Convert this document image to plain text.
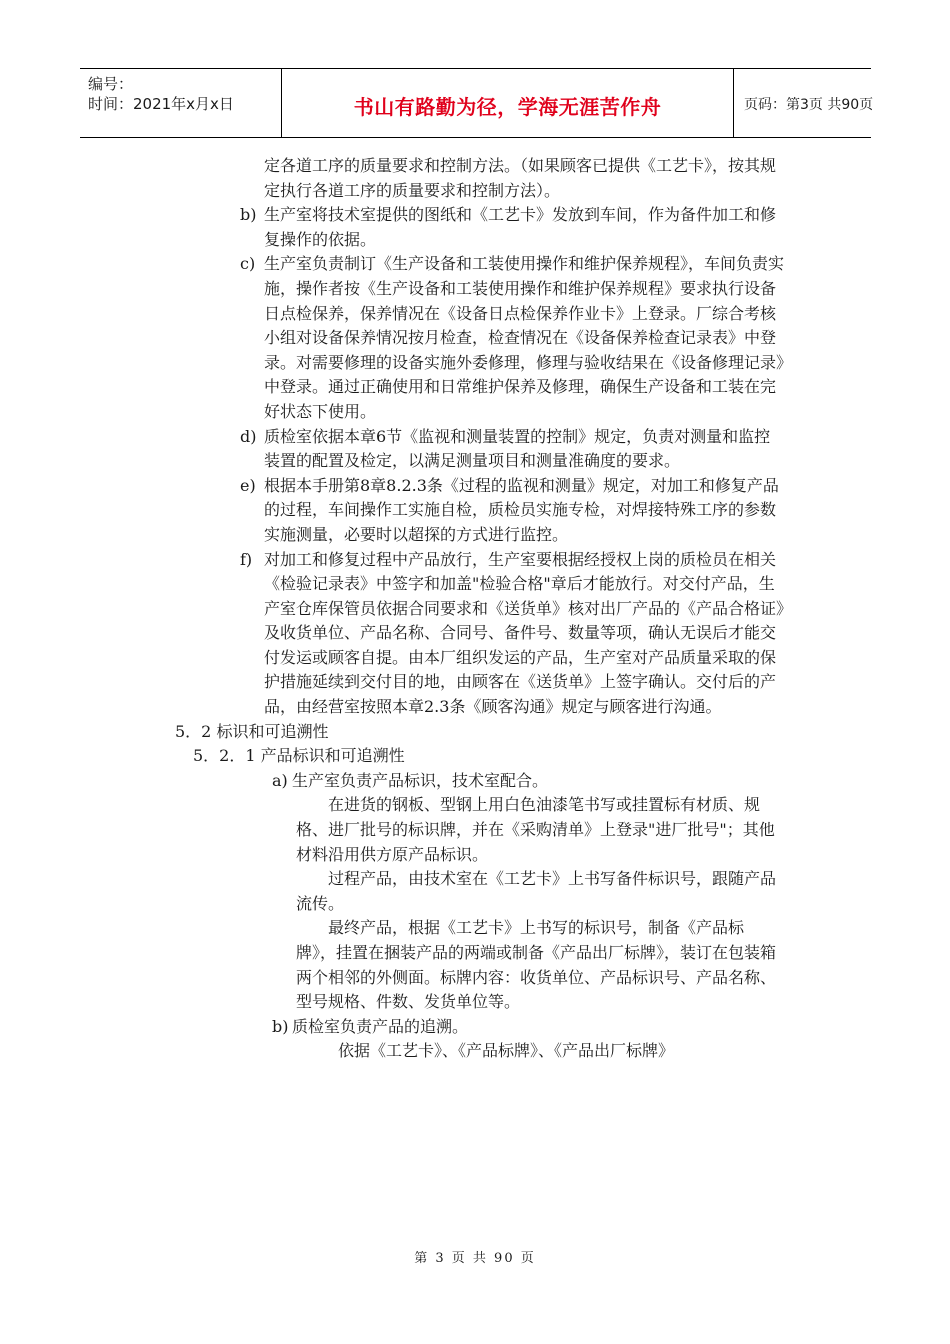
编号：
时间：2021年x月x日	书山有路勤为径，学海无涯苦作舟	页码：第3页 共90页

定各道工序的质量要求和控制方法。（如果顾客已提供《工艺卡》，按其规定执行各道工序的质量要求和控制方法）。

b) 生产室将技术室提供的图纸和《工艺卡》发放到车间，作为备件加工和修复操作的依据。
c) 生产室负责制订《生产设备和工装使用操作和维护保养规程》，车间负责实施，操作者按《生产设备和工装使用操作和维护保养规程》要求执行设备日点检保养，保养情况在《设备日点检保养作业卡》上登录。厂综合考核小组对设备保养情况按月检查，检查情况在《设备保养检查记录表》中登录。对需要修理的设备实施外委修理，修理与验收结果在《设备修理记录》中登录。通过正确使用和日常维护保养及修理，确保生产设备和工装在完好状态下使用。
d) 质检室依据本章6节《监视和测量装置的控制》规定，负责对测量和监控装置的配置及检定，以满足测量项目和测量准确度的要求。
e) 根据本手册第8章8.2.3条《过程的监视和测量》规定，对加工和修复产品的过程，车间操作工实施自检，质检员实施专检，对焊接特殊工序的参数实施测量，必要时以超探的方式进行监控。
f) 对加工和修复过程中产品放行，生产室要根据经授权上岗的质检员在相关《检验记录表》中签字和加盖"检验合格"章后才能放行。对交付产品，生产室仓库保管员依据合同要求和《送货单》核对出厂产品的《产品合格证》及收货单位、产品名称、合同号、备件号、数量等项，确认无误后才能交付发运或顾客自提。由本厂组织发运的产品，生产室对产品质量采取的保护措施延续到交付目的地，由顾客在《送货单》上签字确认。交付后的产品，由经营室按照本章2.3条《顾客沟通》规定与顾客进行沟通。

5．2 标识和可追溯性

5．2．1 产品标识和可追溯性

a) 生产室负责产品标识，技术室配合。

在进货的钢板、型钢上用白色油漆笔书写或挂置标有材质、规格、进厂批号的标识牌，并在《采购清单》上登录"进厂批号"；其他材料沿用供方原产品标识。

过程产品，由技术室在《工艺卡》上书写备件标识号，跟随产品流传。

最终产品，根据《工艺卡》上书写的标识号，制备《产品标牌》，挂置在捆装产品的两端或制备《产品出厂标牌》，装订在包装箱两个相邻的外侧面。标牌内容：收货单位、产品标识号、产品名称、型号规格、件数、发货单位等。

b) 质检室负责产品的追溯。

依据《工艺卡》、《产品标牌》、《产品出厂标牌》

第 3 页 共 90 页
